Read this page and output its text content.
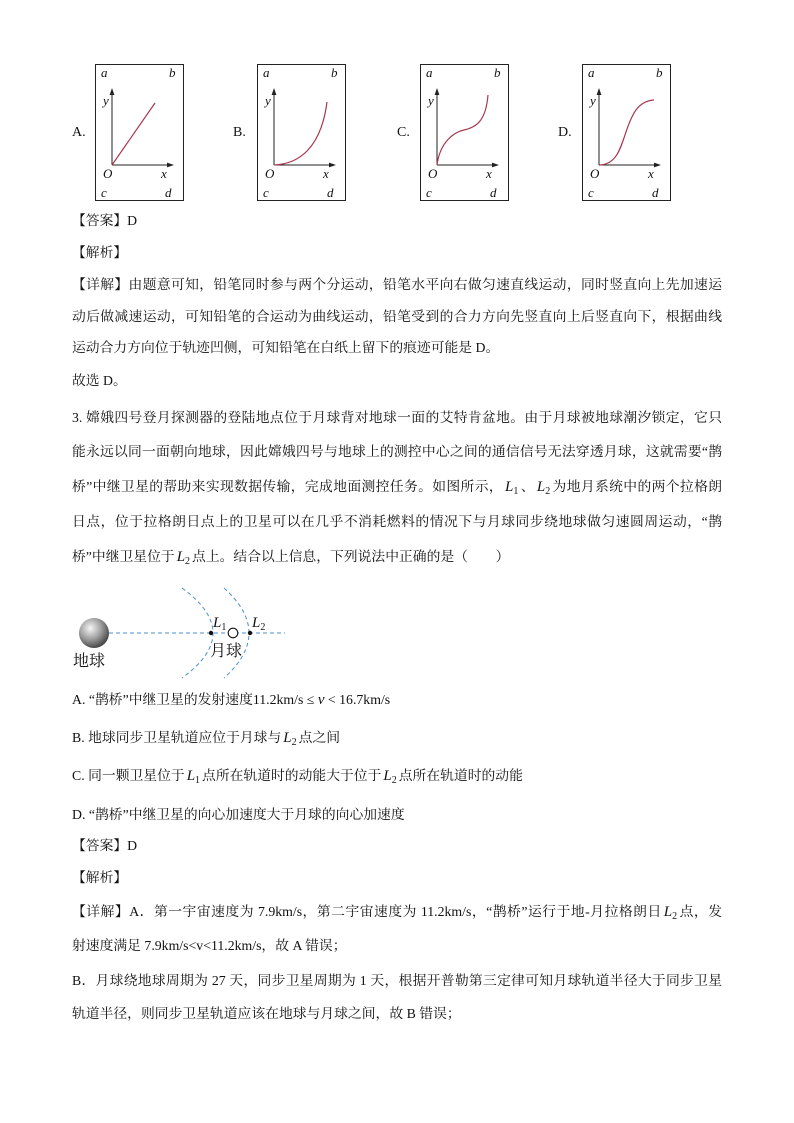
A.
a	b
c	d
y
x
O
B.
a	b
c	d
y
x
O
C.
a	b
c	d
y
x
O
D.
a	b
c	d
y
x
O
【答案】D
【解析】
【详解】由题意可知，铅笔同时参与两个分运动，铅笔水平向右做匀速直线运动，同时竖直向上先加速运
动后做减速运动，可知铅笔的合运动为曲线运动，铅笔受到的合力方向先竖直向上后竖直向下，根据曲线
运动合力方向位于轨迹凹侧，可知铅笔在白纸上留下的痕迹可能是 D。
故选 D。
3. 嫦娥四号登月探测器的登陆地点位于月球背对地球一面的艾特肯盆地。由于月球被地球潮汐锁定，它只
能永远以同一面朝向地球，因此嫦娥四号与地球上的测控中心之间的通信信号无法穿透月球，这就需要“鹊
桥”中继卫星的帮助来实现数据传输，完成地面测控任务。如图所示， $L_1$ 、 $L_2$ 为地月系统中的两个拉格朗
日点，位于拉格朗日点上的卫星可以在几乎不消耗燃料的情况下与月球同步绕地球做匀速圆周运动，“鹊
桥”中继卫星位于 $L_2$ 点上。结合以上信息，下列说法中正确的是（　　）
L1 L2
地球
月球
A. “鹊桥”中继卫星的发射速度11.2km/s ≤ v < 16.7km/s
B. 地球同步卫星轨道应位于月球与 $L_2$ 点之间
C. 同一颗卫星位于 $L_1$ 点所在轨道时的动能大于位于 $L_2$ 点所在轨道时的动能
D. “鹊桥”中继卫星的向心加速度大于月球的向心加速度
【答案】D
【解析】
【详解】A．第一宇宙速度为 7.9km/s，第二宇宙速度为 11.2km/s，“鹊桥”运行于地-月拉格朗日 $L_2$ 点，发
射速度满足 7.9km/s<v<11.2km/s，故 A 错误；
B．月球绕地球周期为 27 天，同步卫星周期为 1 天，根据开普勒第三定律可知月球轨道半径大于同步卫星
轨道半径，则同步卫星轨道应该在地球与月球之间，故 B 错误；
